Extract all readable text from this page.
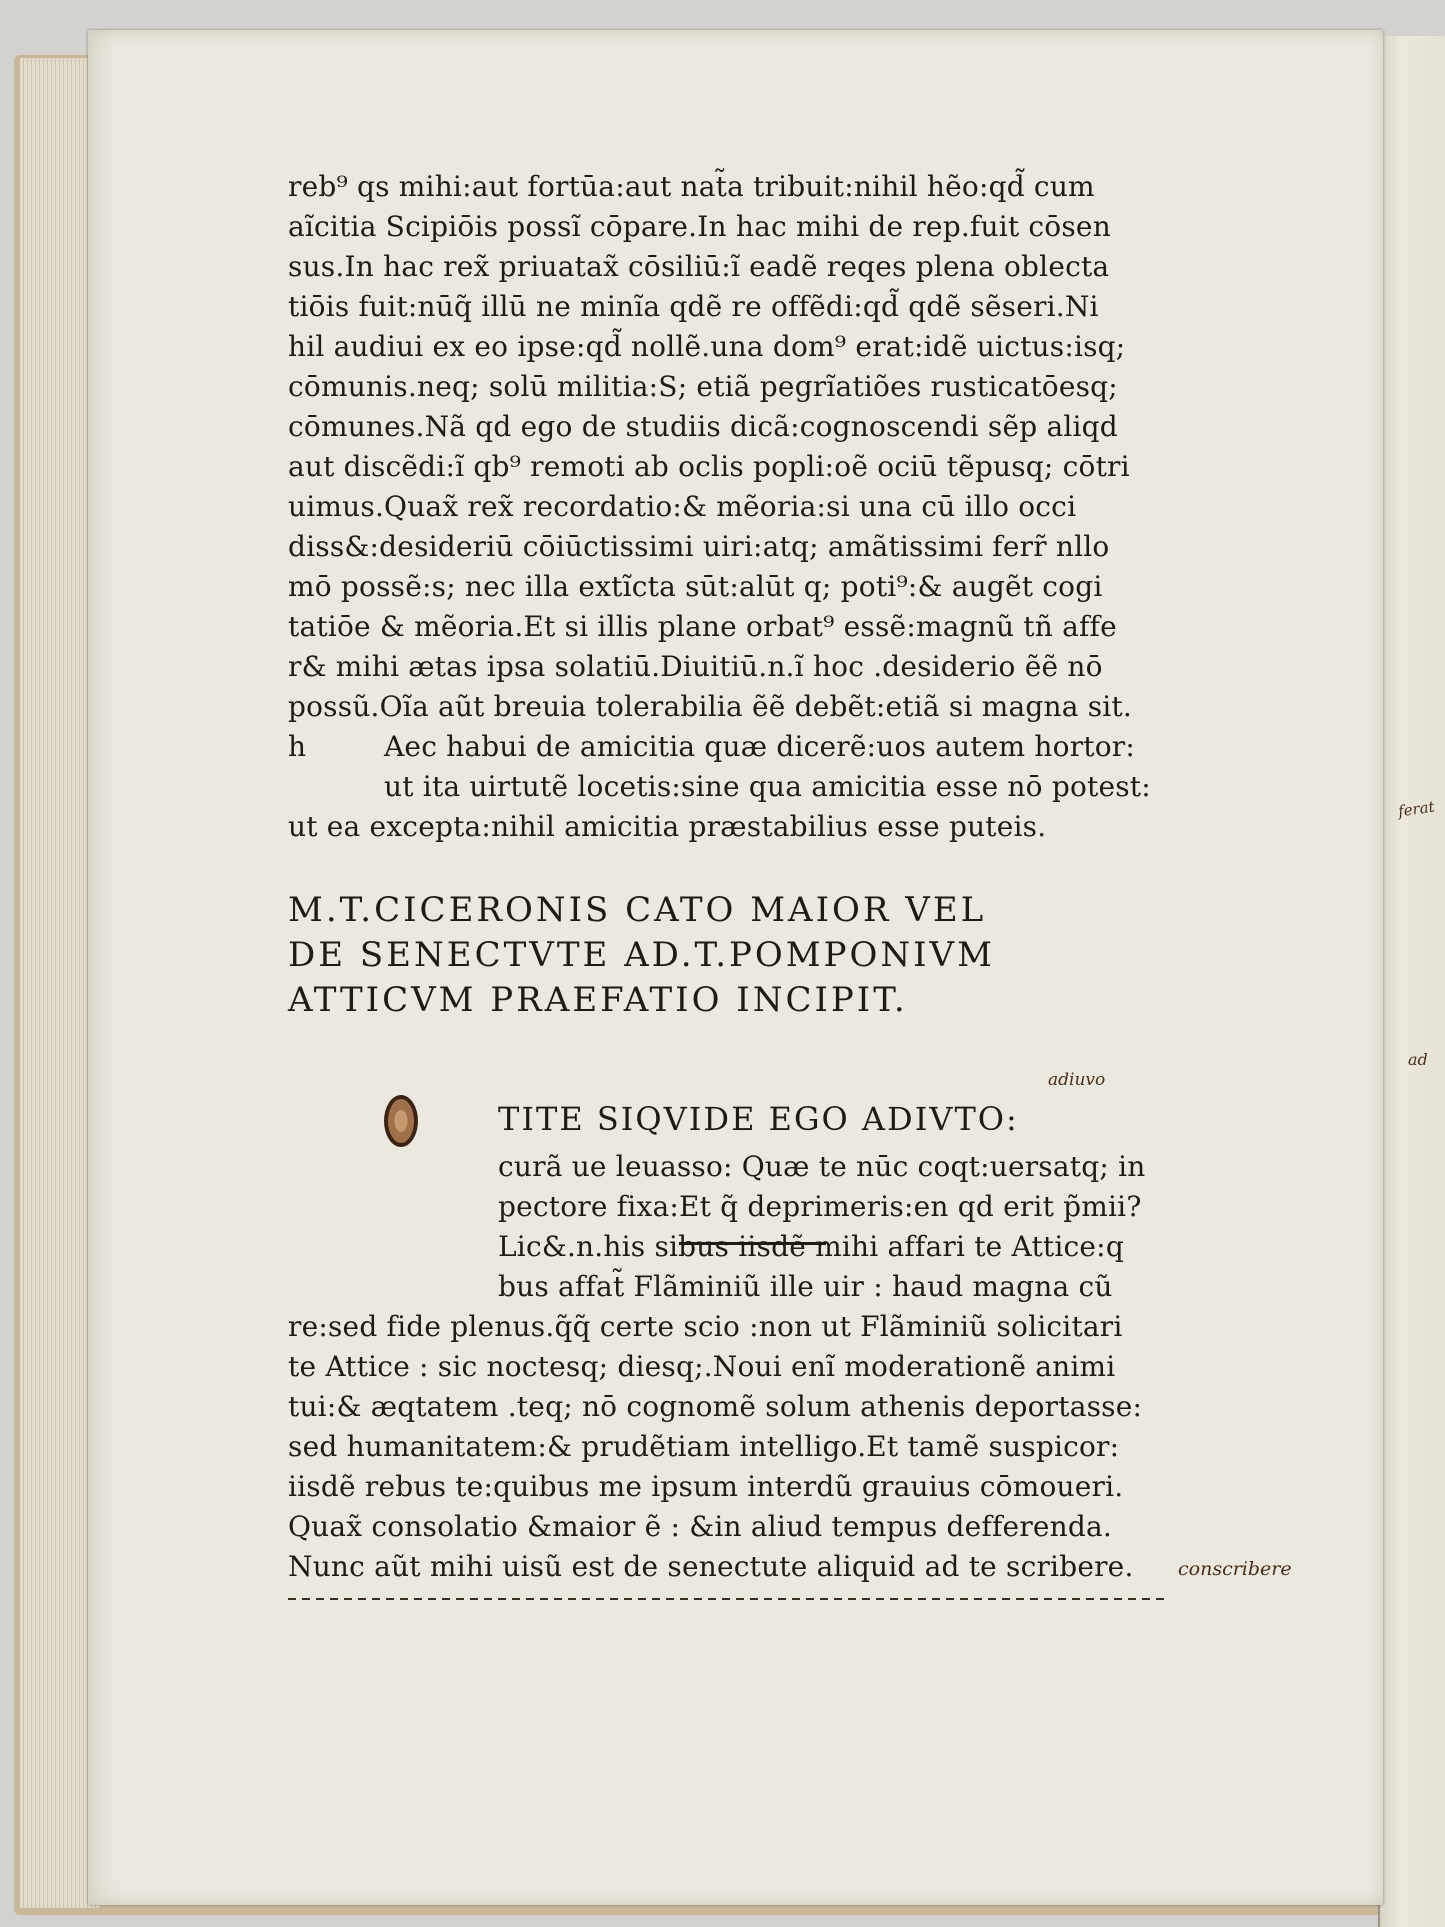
reb⁹ qs mihi:aut fortūa:aut nat̃a tribuit:nihil hẽo:qd̃ cum
aĩcitia Scipiōis possĩ cōpare.In hac mihi de rep.fuit cōsen
sus.In hac rex̃ priuatax̃ cōsiliū:ĩ eadẽ reqes plena oblecta
tiōis fuit:nūq̃ illū ne minĩa qdẽ re offẽdi:qd̃ qdẽ sẽseri.Ni
hil audiui ex eo ipse:qd̃ nollẽ.una dom⁹ erat:idẽ uictus:isq;
cōmunis.neq; solū militia:S; etiã pegrĩatiões rusticatōesq;
cōmunes.Nã qd ego de studiis dicã:cognoscendi sẽp aliqd
aut discẽdi:ĩ qb⁹ remoti ab oclis popli:oẽ ociū tẽpusq; cōtri
uimus.Quax̃ rex̃ recordatio:& mẽoria:si una cū illo occi
diss&:desideriū cōiūctissimi uiri:atq; amãtissimi ferr̃ nllo
mō possẽ:s; nec illa extĩcta sūt:alūt q; poti⁹:& augẽt cogi
tatiōe & mẽoria.Et si illis plane orbat⁹ essẽ:magnũ tñ affe
r& mihi ætas ipsa solatiū.Diuitiū.n.ĩ hoc .desiderio ẽẽ nō
possũ.Oĩa aũt breuia tolerabilia ẽẽ debẽt:etiã si magna sit.
h	Aec habui de amicitia quæ dicerẽ:uos autem hortor:
ut ita uirtutẽ locetis:sine qua amicitia esse nō potest:
ut ea excepta:nihil amicitia præstabilius esse puteis.
M.T.CICERONIS CATO MAIOR VEL
DE SENECTVTE AD.T.POMPONIVM
ATTICVM PRAEFATIO INCIPIT.
adiuvo
TITE SIQVIDE EGO ADIVTO:
curã ue leuasso: Quæ te nūc coqt:uersatq; in
pectore fixa:Et q̃ deprimeris:en qd erit p̃mii?
Lic&.n.his sibus iisdẽ mihi affari te Attice:q
bus affat̃ Flãminiũ ille uir : haud magna cũ
re:sed fide plenus.q̃q̃ certe scio :non ut Flãminiũ solicitari
te Attice : sic noctesq; diesq;.Noui enĩ moderationẽ animi
tui:& æqtatem .teq; nō cognomẽ solum athenis deportasse:
sed humanitatem:& prudẽtiam intelligo.Et tamẽ suspicor:
iisdẽ rebus te:quibus me ipsum interdũ grauius cōmoueri.
Quax̃ consolatio &maior ẽ : &in aliud tempus defferenda.
Nunc aũt mihi uisũ est de senectute aliquid ad te scribere. conscribere
ferat
ad
